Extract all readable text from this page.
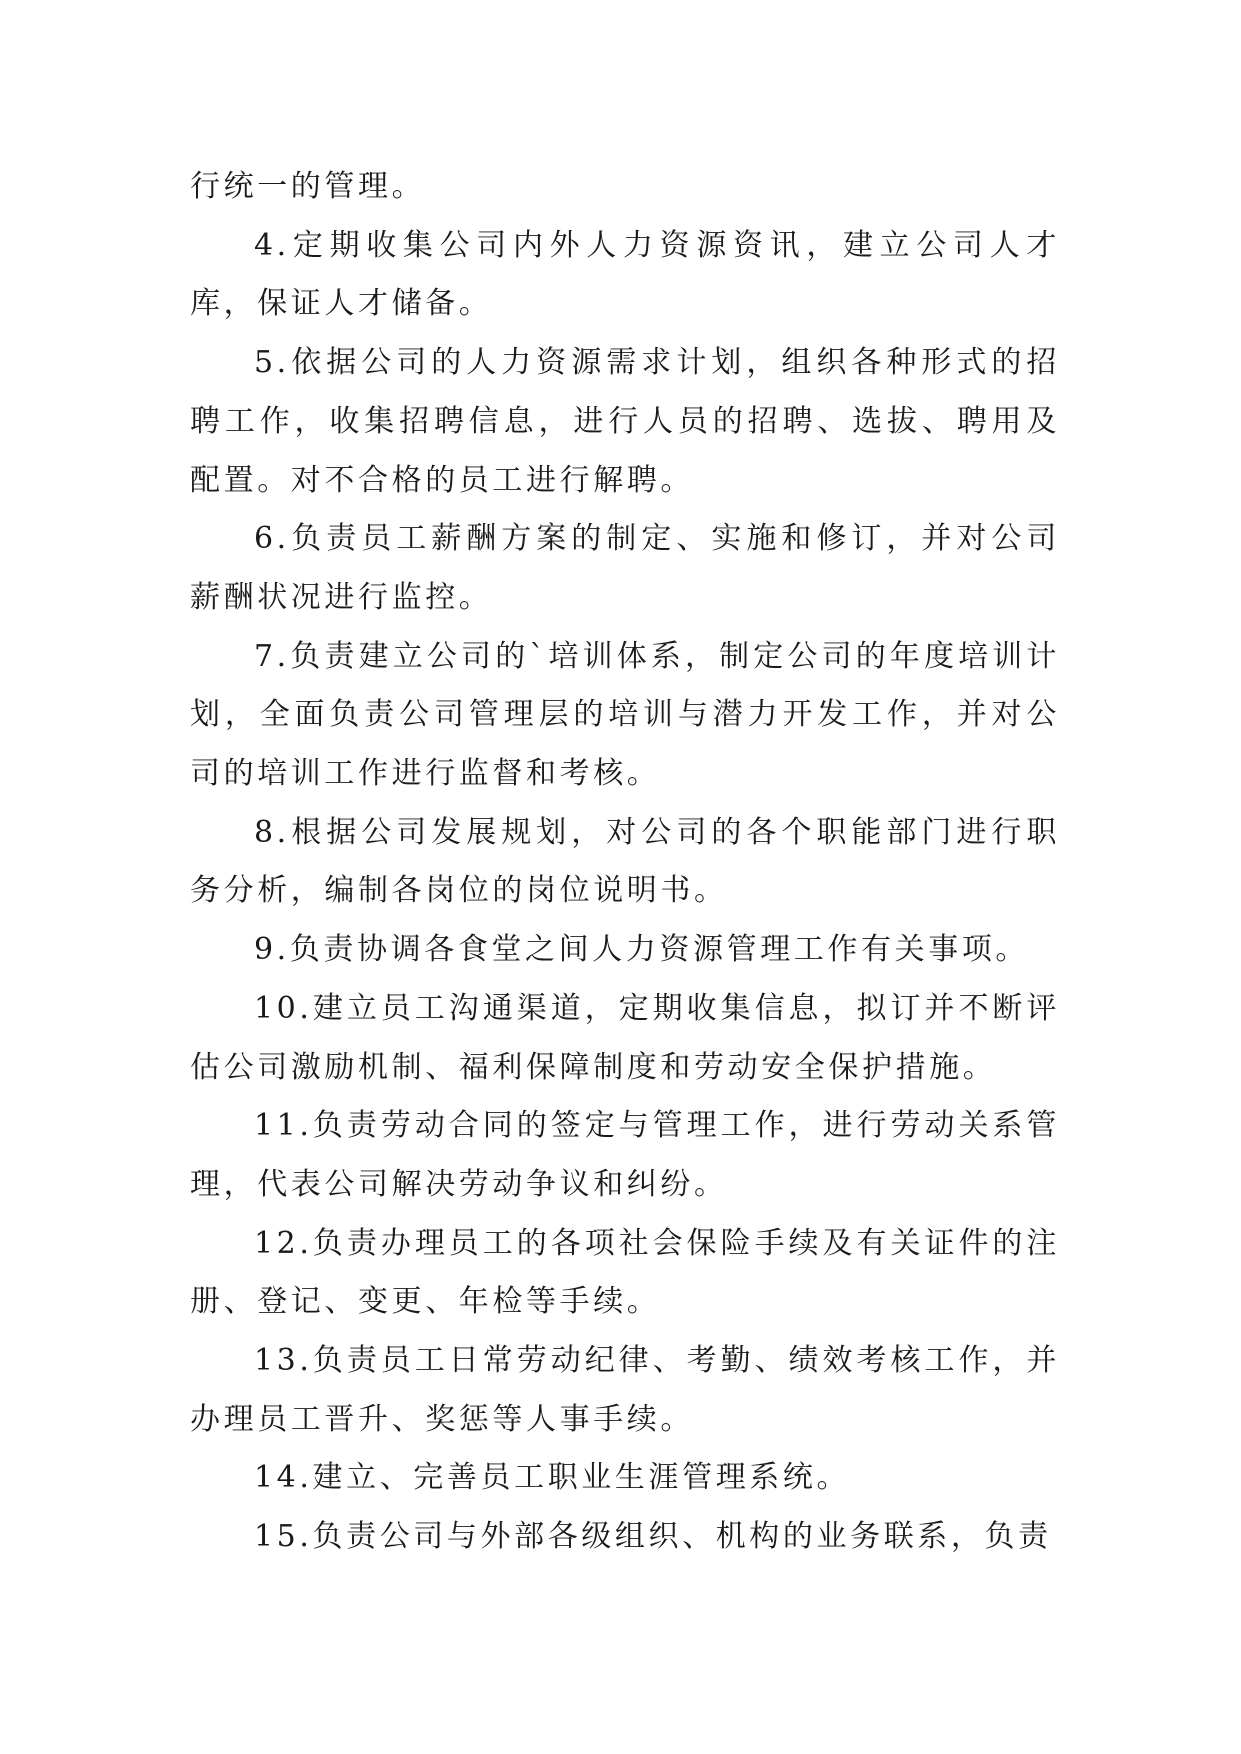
行统一的管理。

4.定期收集公司内外人力资源资讯，建立公司人才库，保证人才储备。

5.依据公司的人力资源需求计划，组织各种形式的招聘工作，收集招聘信息，进行人员的招聘、选拔、聘用及配置。对不合格的员工进行解聘。

6.负责员工薪酬方案的制定、实施和修订，并对公司薪酬状况进行监控。

7.负责建立公司的`培训体系，制定公司的年度培训计划，全面负责公司管理层的培训与潜力开发工作，并对公司的培训工作进行监督和考核。

8.根据公司发展规划，对公司的各个职能部门进行职务分析，编制各岗位的岗位说明书。

9.负责协调各食堂之间人力资源管理工作有关事项。

10.建立员工沟通渠道，定期收集信息，拟订并不断评估公司激励机制、福利保障制度和劳动安全保护措施。

11.负责劳动合同的签定与管理工作，进行劳动关系管理，代表公司解决劳动争议和纠纷。

12.负责办理员工的各项社会保险手续及有关证件的注册、登记、变更、年检等手续。

13.负责员工日常劳动纪律、考勤、绩效考核工作，并办理员工晋升、奖惩等人事手续。

14.建立、完善员工职业生涯管理系统。

15.负责公司与外部各级组织、机构的业务联系，负责
